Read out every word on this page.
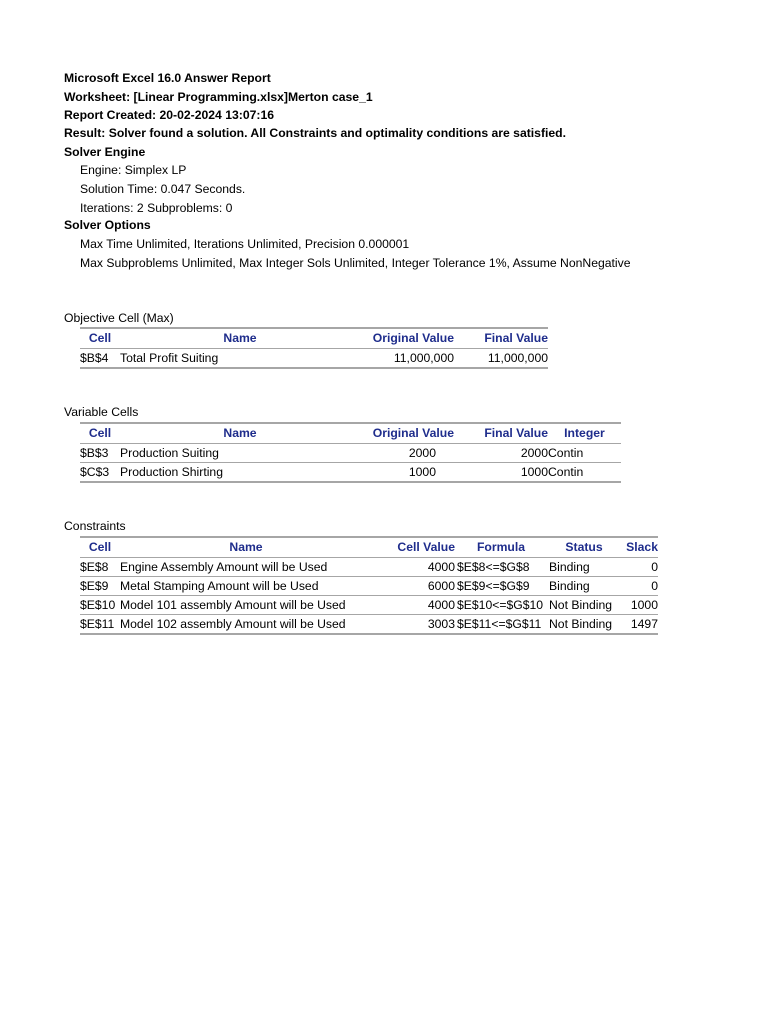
Microsoft Excel 16.0 Answer Report
Worksheet: [Linear Programming.xlsx]Merton case_1
Report Created: 20-02-2024 13:07:16
Result: Solver found a solution. All Constraints and optimality conditions are satisfied.
Solver Engine
Engine: Simplex LP
Solution Time: 0.047 Seconds.
Iterations: 2 Subproblems: 0
Solver Options
Max Time Unlimited, Iterations Unlimited, Precision 0.000001
Max Subproblems Unlimited, Max Integer Sols Unlimited, Integer Tolerance 1%, Assume NonNegative
Objective Cell (Max)
Cell	Name	Original Value	Final Value
$B$4	Total Profit Suiting	11,000,000	11,000,000
Variable Cells
Cell	Name	Original Value	Final Value	Integer
$B$3	Production Suiting	2000	2000	Contin
$C$3	Production Shirting	1000	1000	Contin
Constraints
Cell	Name	Cell Value	Formula	Status	Slack
$E$8	Engine Assembly Amount will be Used	4000	$E$8<=$G$8	Binding	0
$E$9	Metal Stamping Amount will be Used	6000	$E$9<=$G$9	Binding	0
$E$10	Model 101 assembly Amount will be Used	4000	$E$10<=$G$10	Not Binding	1000
$E$11	Model 102 assembly Amount will be Used	3003	$E$11<=$G$11	Not Binding	1497
